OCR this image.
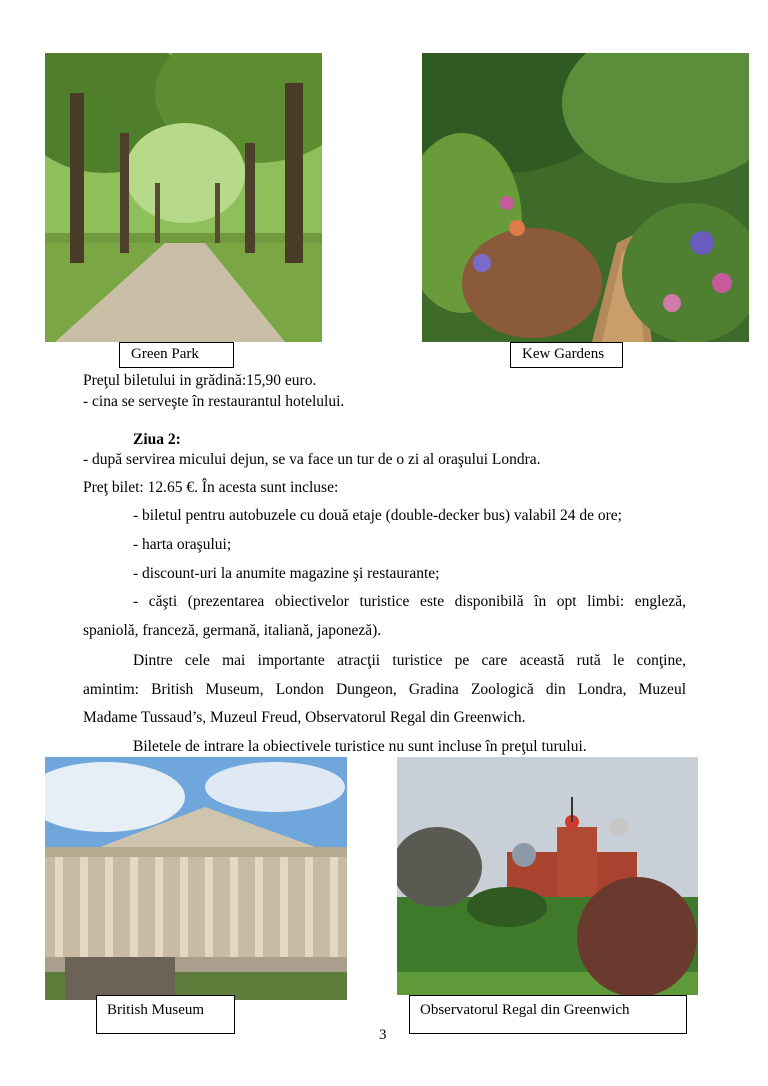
Green Park	Kew Gardens
Preţul biletului in grădină:15,90 euro.
- cina se serveşte în restaurantul hotelului.
Ziua 2:
- după servirea micului dejun, se va face un tur de o zi al oraşului Londra.
Preţ bilet: 12.65 €. În acesta sunt incluse:
- biletul pentru autobuzele cu două etaje (double-decker bus) valabil 24 de ore;
- harta oraşului;
- discount-uri la anumite magazine şi restaurante;
- căşti (prezentarea obiectivelor turistice este disponibilă în opt limbi: engleză,
spaniolă, franceză, germană, italiană, japoneză).
Dintre cele mai importante atracţii turistice pe care această rută le conţine,
amintim: British Museum, London Dungeon, Gradina Zoologică din Londra, Muzeul
Madame Tussaud’s, Muzeul Freud, Observatorul Regal din Greenwich.
Biletele de intrare la obiectivele turistice nu sunt incluse în preţul turului.
British Museum	Observatorul Regal din Greenwich
3
